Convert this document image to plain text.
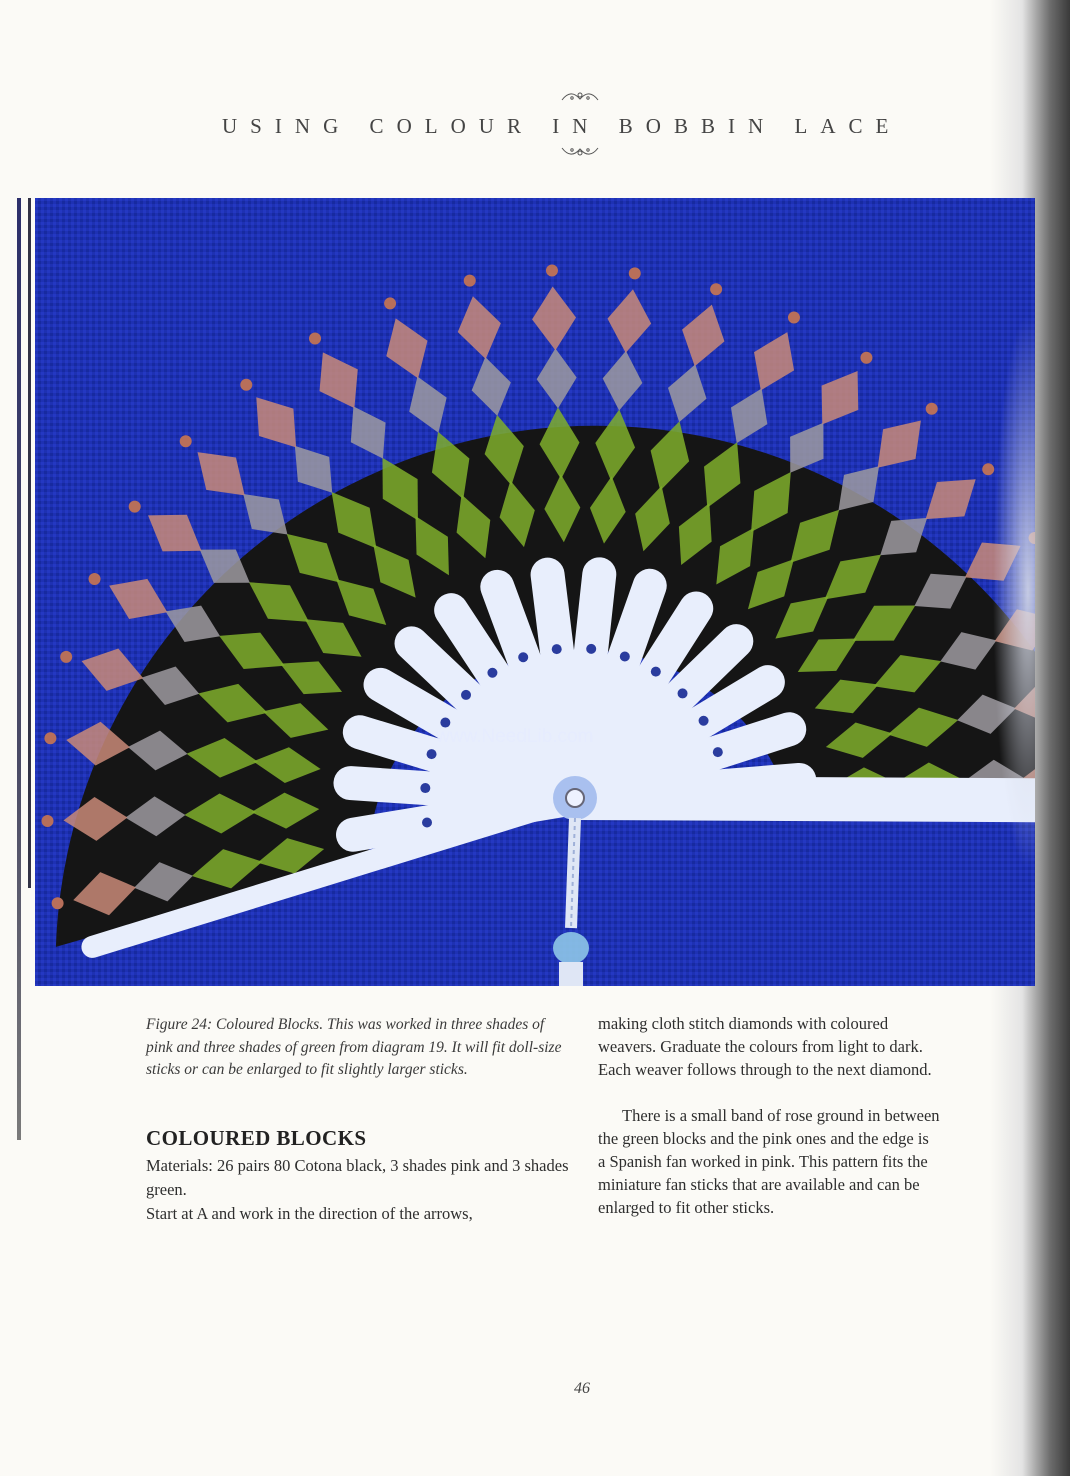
USING COLOUR IN BOBBIN LACE
www.NeedLib.com
Figure 24: Coloured Blocks. This was worked in three shades of pink and three shades of green from diagram 19. It will fit doll-size sticks or can be enlarged to fit slightly larger sticks.
COLOURED BLOCKS

Materials: 26 pairs 80 Cotona black, 3 shades pink and 3 shades green.

Start at A and work in the direction of the arrows,

making cloth stitch diamonds with coloured
weavers. Graduate the colours from light to dark.
Each weaver follows through to the next diamond.

There is a small band of rose ground in between
the green blocks and the pink ones and the edge is
a Spanish fan worked in pink. This pattern fits the
miniature fan sticks that are available and can be
enlarged to fit other sticks.

46
